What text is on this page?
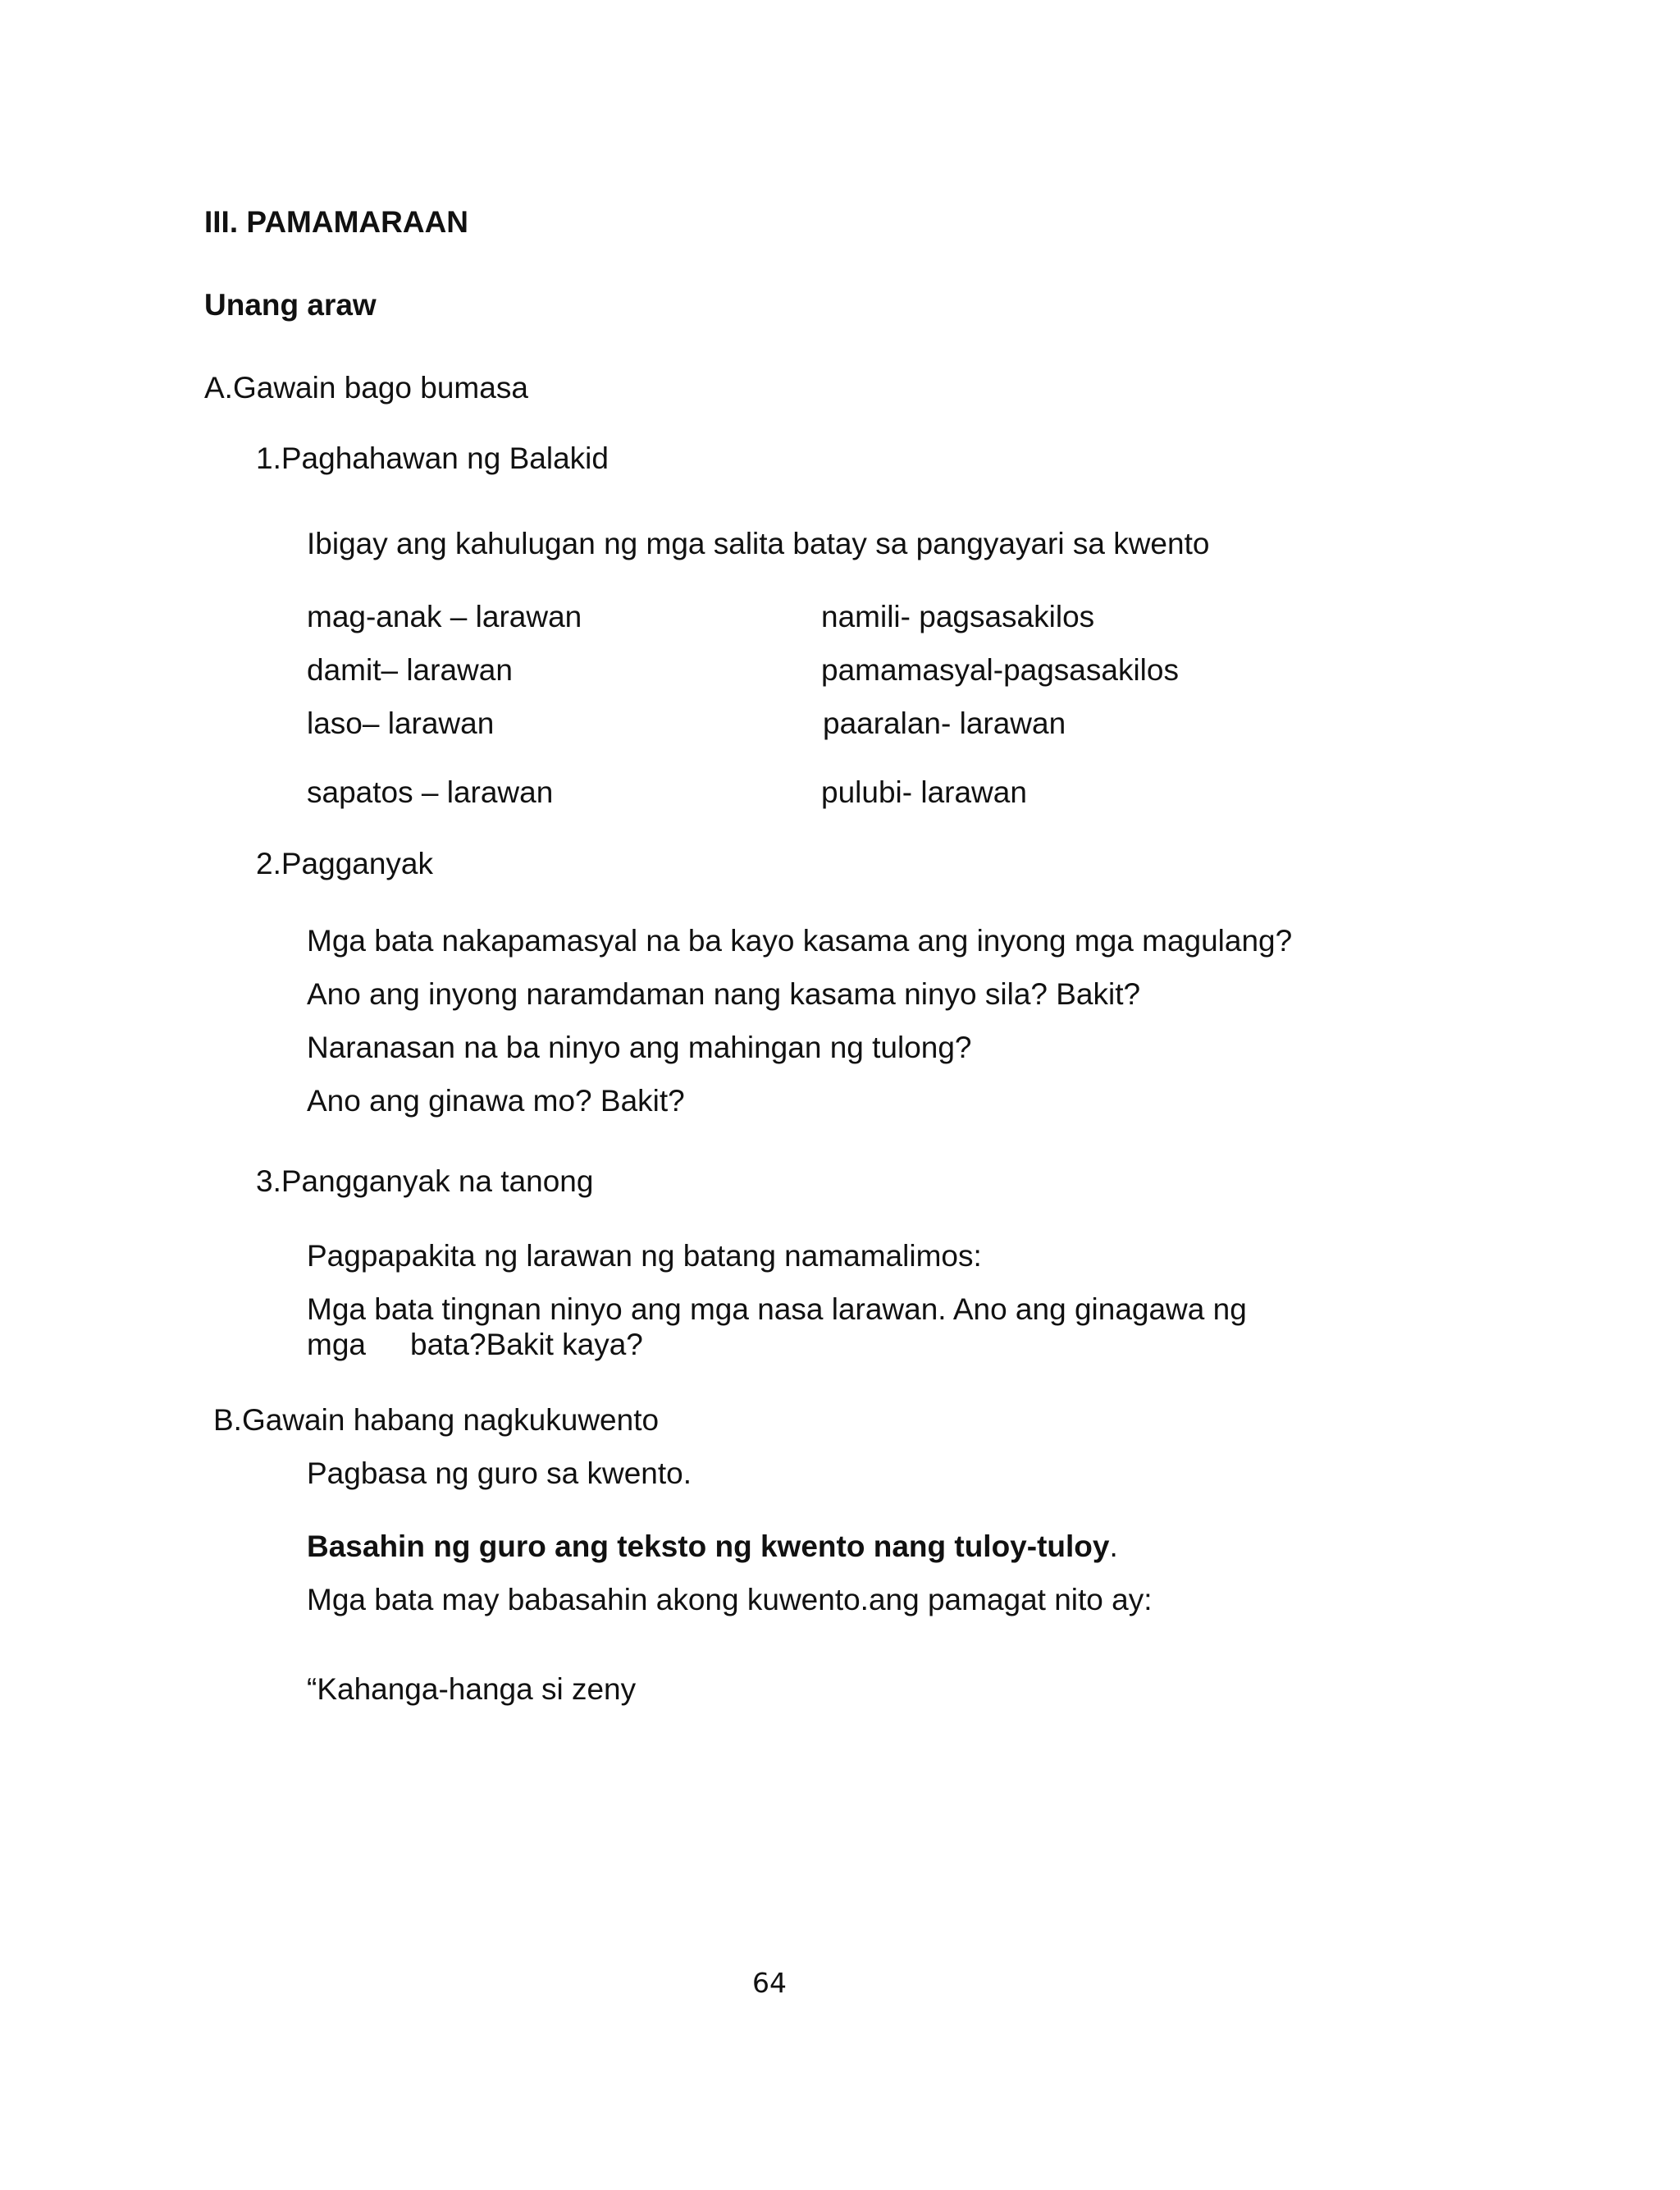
III. PAMAMARAAN
Unang araw
A.Gawain bago bumasa
1.Paghahawan ng Balakid
Ibigay ang kahulugan ng mga salita batay sa pangyayari sa kwento
mag-anak – larawan
damit– larawan
laso– larawan
sapatos – larawan
namili- pagsasakilos
pamamasyal-pagsasakilos
paaralan- larawan
pulubi- larawan
2.Pagganyak
Mga bata nakapamasyal na ba kayo kasama ang inyong mga magulang?
Ano ang inyong naramdaman nang kasama ninyo sila? Bakit?
Naranasan na ba ninyo ang mahingan ng tulong?
Ano ang ginawa mo? Bakit?
3.Pangganyak na tanong
Pagpapakita ng larawan ng batang namamalimos:
Mga bata tingnan ninyo ang mga nasa larawan. Ano ang ginagawa ng
mga bata?Bakit kaya?
B.Gawain habang nagkukuwento
Pagbasa ng guro sa kwento.
Basahin ng guro ang teksto ng kwento nang tuloy-tuloy.
Mga bata may babasahin akong kuwento.ang pamagat nito ay:
“Kahanga-hanga si zeny
64
